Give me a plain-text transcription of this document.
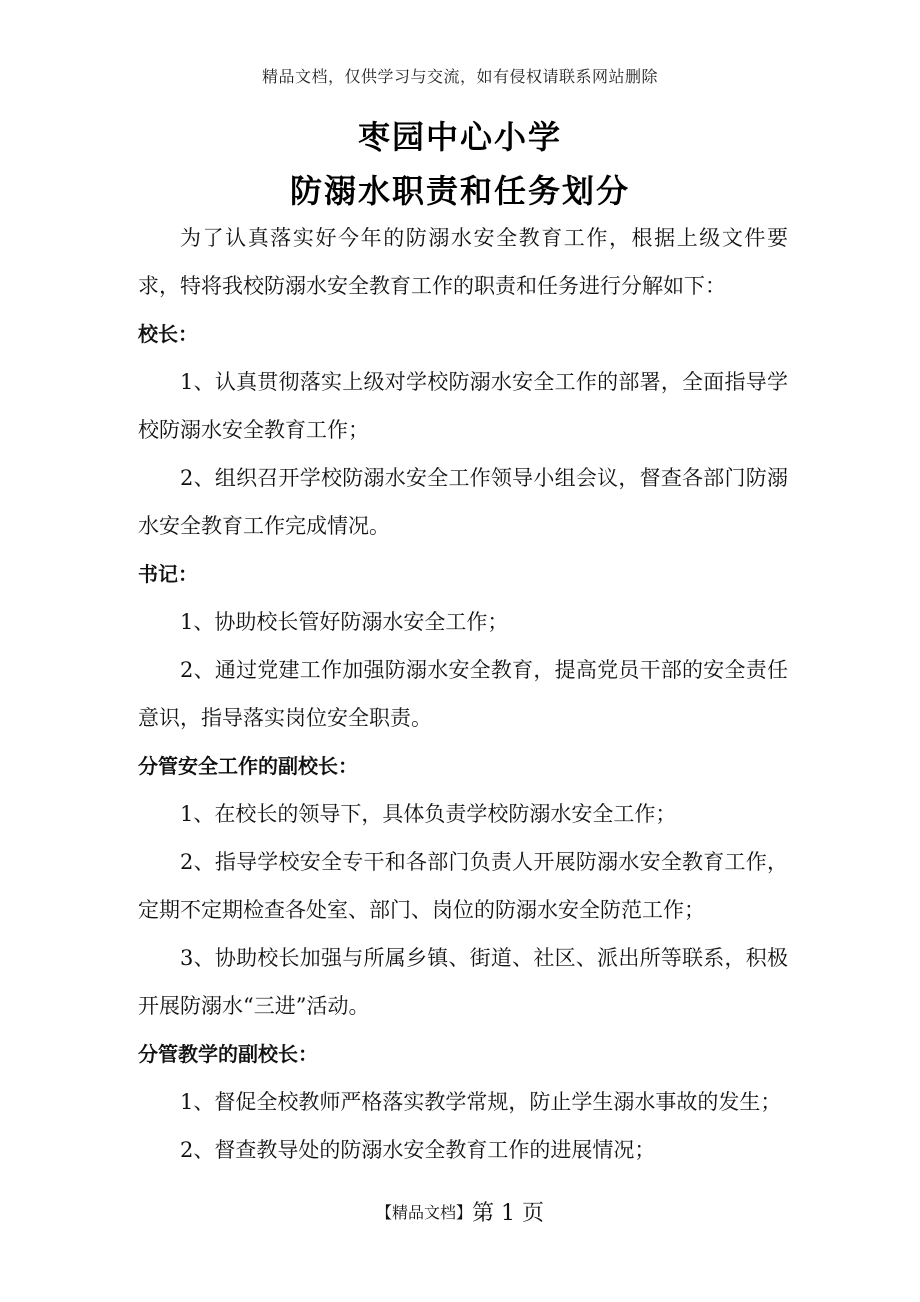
精品文档，仅供学习与交流，如有侵权请联系网站删除
枣园中心小学
防溺水职责和任务划分

为了认真落实好今年的防溺水安全教育工作，根据上级文件要求，特将我校防溺水安全教育工作的职责和任务进行分解如下：

校长：

1、认真贯彻落实上级对学校防溺水安全工作的部署，全面指导学校防溺水安全教育工作；

2、组织召开学校防溺水安全工作领导小组会议，督查各部门防溺水安全教育工作完成情况。

书记：

1、协助校长管好防溺水安全工作；

2、通过党建工作加强防溺水安全教育，提高党员干部的安全责任意识，指导落实岗位安全职责。

分管安全工作的副校长：

1、在校长的领导下，具体负责学校防溺水安全工作；

2、指导学校安全专干和各部门负责人开展防溺水安全教育工作，定期不定期检查各处室、部门、岗位的防溺水安全防范工作；

3、协助校长加强与所属乡镇、街道、社区、派出所等联系，积极开展防溺水“三进”活动。

分管教学的副校长：

1、督促全校教师严格落实教学常规，防止学生溺水事故的发生；

2、督查教导处的防溺水安全教育工作的进展情况；

【精品文档】第 1 页
